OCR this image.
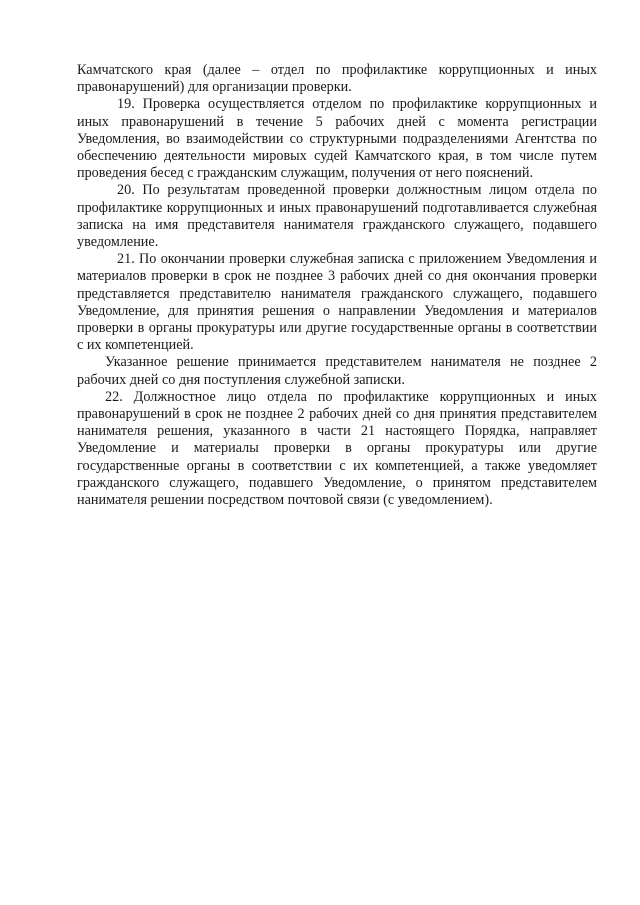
Камчатского края (далее – отдел по профилактике коррупционных и иных правонарушений) для организации проверки.

19. Проверка осуществляется отделом по профилактике коррупционных и иных правонарушений в течение 5 рабочих дней с момента регистрации Уведомления, во взаимодействии со структурными подразделениями Агентства по обеспечению деятельности мировых судей Камчатского края, в том числе путем проведения бесед с гражданским служащим, получения от него пояснений.

20. По результатам проведенной проверки должностным лицом отдела по профилактике коррупционных и иных правонарушений подготавливается служебная записка на имя представителя нанимателя гражданского служащего, подавшего уведомление.

21. По окончании проверки служебная записка с приложением Уведомления и материалов проверки в срок не позднее 3 рабочих дней со дня окончания проверки представляется представителю нанимателя гражданского служащего, подавшего Уведомление, для принятия решения о направлении Уведомления и материалов проверки в органы прокуратуры или другие государственные органы в соответствии с их компетенцией.

Указанное решение принимается представителем нанимателя не позднее 2 рабочих дней со дня поступления служебной записки.

22. Должностное лицо отдела по профилактике коррупционных и иных правонарушений в срок не позднее 2 рабочих дней со дня принятия представителем нанимателя решения, указанного в части 21 настоящего Порядка, направляет Уведомление и материалы проверки в органы прокуратуры или другие государственные органы в соответствии с их компетенцией, а также уведомляет гражданского служащего, подавшего Уведомление, о принятом представителем нанимателя решении посредством почтовой связи (с уведомлением).
